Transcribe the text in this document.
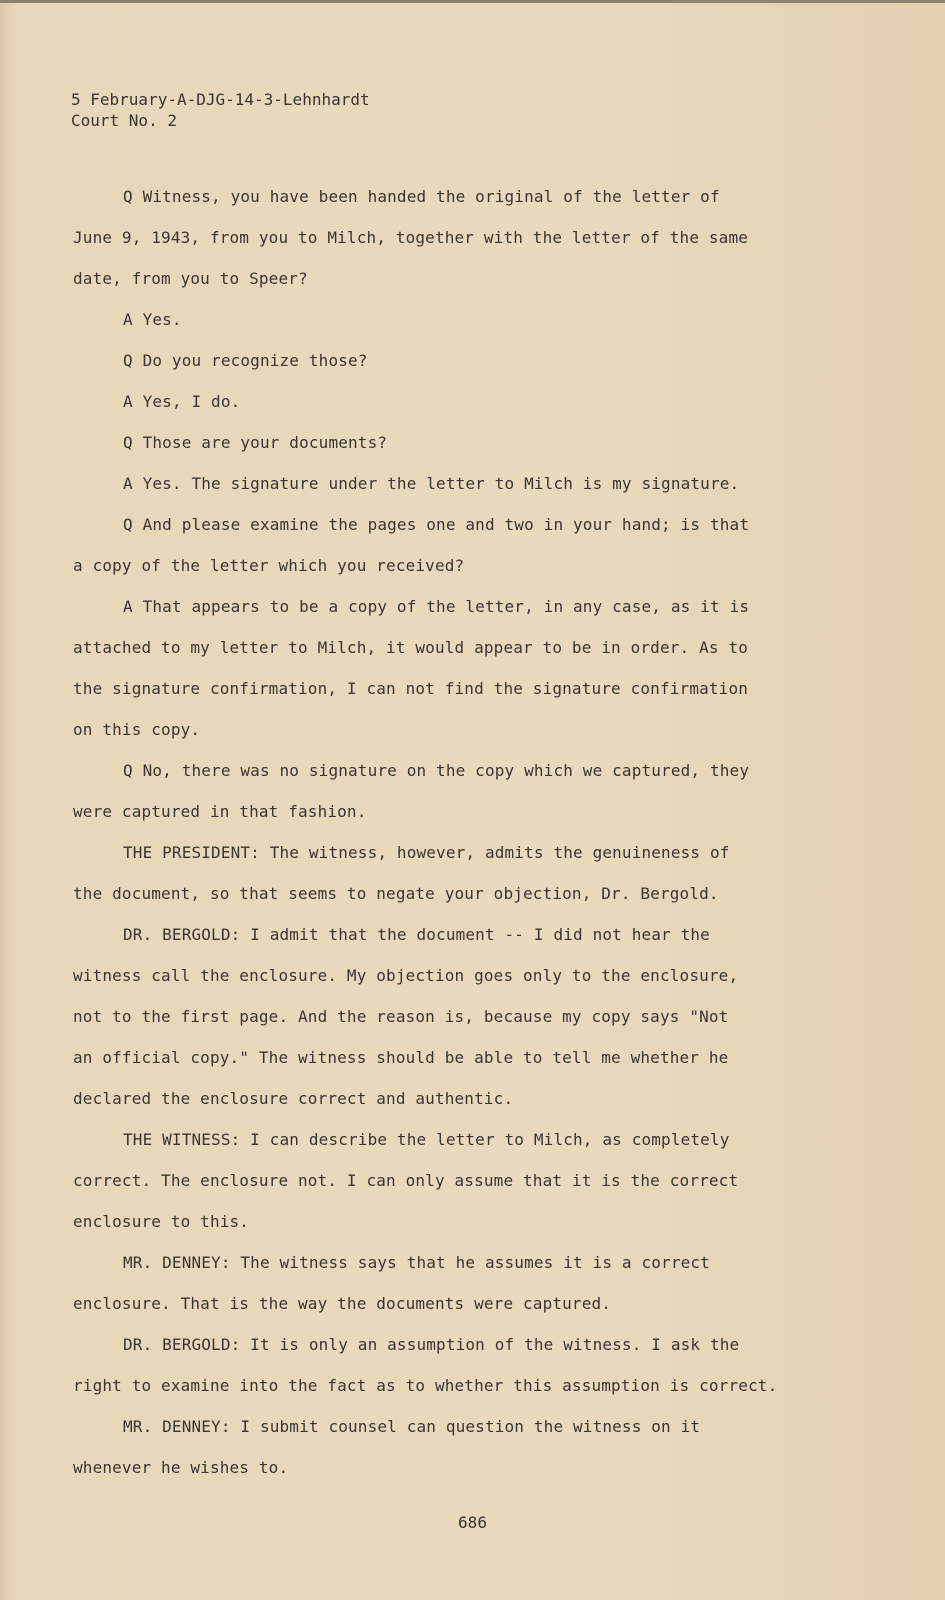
5 February-A-DJG-14-3-Lehnhardt
Court No. 2
Q Witness, you have been handed the original of the letter of
June 9, 1943, from you to Milch, together with the letter of the same
date, from you to Speer?
A Yes.
Q Do you recognize those?
A Yes, I do.
Q Those are your documents?
A Yes. The signature under the letter to Milch is my signature.
Q And please examine the pages one and two in your hand; is that
a copy of the letter which you received?
A That appears to be a copy of the letter, in any case, as it is
attached to my letter to Milch, it would appear to be in order. As to
the signature confirmation, I can not find the signature confirmation
on this copy.
Q No, there was no signature on the copy which we captured, they
were captured in that fashion.
THE PRESIDENT: The witness, however, admits the genuineness of
the document, so that seems to negate your objection, Dr. Bergold.
DR. BERGOLD: I admit that the document -- I did not hear the
witness call the enclosure. My objection goes only to the enclosure,
not to the first page. And the reason is, because my copy says "Not
an official copy." The witness should be able to tell me whether he
declared the enclosure correct and authentic.
THE WITNESS: I can describe the letter to Milch, as completely
correct. The enclosure not. I can only assume that it is the correct
enclosure to this.
MR. DENNEY: The witness says that he assumes it is a correct
enclosure. That is the way the documents were captured.
DR. BERGOLD: It is only an assumption of the witness. I ask the
right to examine into the fact as to whether this assumption is correct.
MR. DENNEY: I submit counsel can question the witness on it
whenever he wishes to.
686
